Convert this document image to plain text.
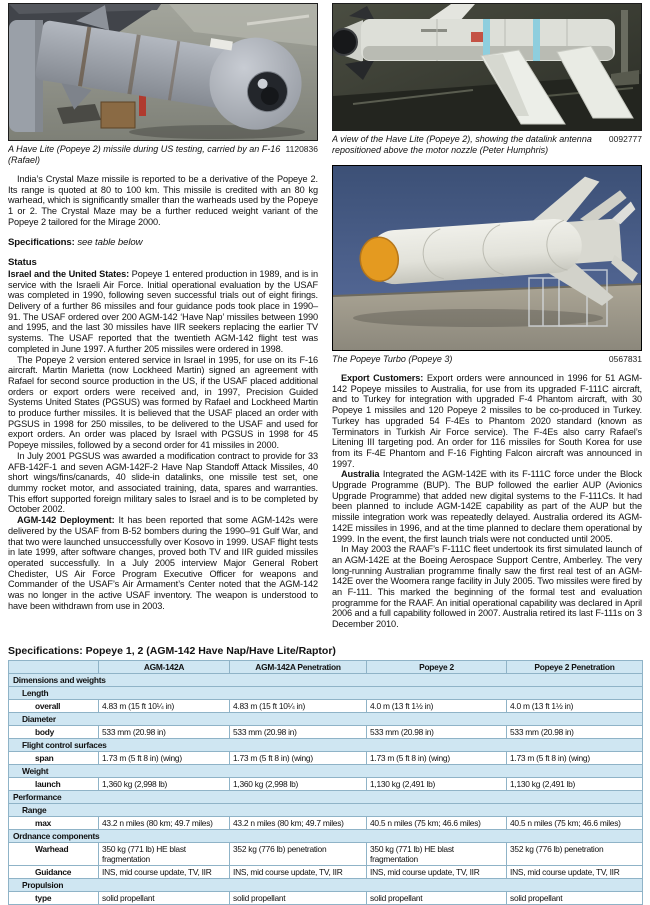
1120836
A Have Lite (Popeye 2) missile during US testing, carried by an F-16 (Rafael)

India’s Crystal Maze missile is reported to be a derivative of the Popeye 2. Its range is quoted at 80 to 100 km. This missile is credited with an 80 kg warhead, which is significantly smaller than the warheads used by the Popeye 1 or 2. The Crystal Maze may be a further reduced weight variant of the Popeye 2 tailored for the Mirage 2000.

Specifications: see table below

Status

Israel and the United States: Popeye 1 entered production in 1989, and is in service with the Israeli Air Force. Initial operational evaluation by the USAF was completed in 1990, following seven successful trials out of eight firings. Delivery of a further 86 missiles and four guidance pods took place in 1990–91. The USAF ordered over 200 AGM-142 ‘Have Nap’ missiles between 1990 and 1995, and the last 30 missiles have IIR seekers replacing the earlier TV systems. The USAF reported that the twentieth AGM-142 flight test was completed in June 1997. A further 205 missiles were ordered in 1998.

The Popeye 2 version entered service in Israel in 1995, for use on its F-16 aircraft. Martin Marietta (now Lockheed Martin) signed an agreement with Rafael for second source production in the US, if the USAF placed additional orders or export orders were received and, in 1997, Precision Guided Systems United States (PGSUS) was formed by Rafael and Lockheed Martin to produce further missiles. It is believed that the USAF placed an order with PGSUS in 1998 for 250 missiles, to be delivered to the USAF and used for export orders. An order was placed by Israel with PGSUS in 1998 for 45 Popeye missiles, followed by a second order for 41 missiles in 2000.

In July 2001 PGSUS was awarded a modification contract to provide for 33 AFB-142F-1 and seven AGM-142F-2 Have Nap Standoff Attack Missiles, 40 short wings/fins/canards, 40 slide-in datalinks, one missile test set, one dummy rocket motor, and associated training, data, spares and warranties. This effort supported foreign military sales to Israel and is to be completed by October 2002.

AGM-142 Deployment: It has been reported that some AGM-142s were delivered by the USAF from B-52 bombers during the 1990–91 Gulf War, and that two were launched unsuccessfully over Kosovo in 1999. USAF flight tests in late 1999, after software changes, proved both TV and IIR guided missiles operated successfully. In a July 2005 interview Major General Robert Chedister, US Air Force Program Executive Officer for weapons and Commander of the USAF’s Air Armament’s Center noted that the AGM-142 was no longer in the active USAF inventory. The weapon is understood to have been withdrawn from use in 2003.

0092777
A view of the Have Lite (Popeye 2), showing the datalink antenna repositioned above the motor nozzle (Peter Humphris)
The Popeye Turbo (Popeye 3)	0567831

Export Customers: Export orders were announced in 1996 for 51 AGM-142 Popeye missiles to Australia, for use from its upgraded F-111C aircraft, and to Turkey for integration with upgraded F-4 Phantom aircraft, with 30 Popeye 1 missiles and 120 Popeye 2 missiles to be co-produced in Turkey. Turkey has upgraded 54 F-4Es to Phantom 2020 standard (known as Terminators in Turkish Air Force service). The F-4Es also carry Rafael’s Litening III targeting pod. An order for 116 missiles for South Korea for use from its F-4E Phantom and F-16 Fighting Falcon aircraft was announced in 1997.

Australia Integrated the AGM-142E with its F-111C force under the Block Upgrade Programme (BUP). The BUP followed the earlier AUP (Avionics Upgrade Programme) that added new digital systems to the F-111Cs. It had been planned to include AGM-142E capability as part of the AUP but the missile integration work was repeatedly delayed. Australia ordered its AGM-142E missiles in 1996, and at the time planned to declare them operational by 1999. In the event, the first launch trials were not conducted until 2005.

In May 2003 the RAAF’s F-111C fleet undertook its first simulated launch of an AGM-142E at the Boeing Aerospace Support Centre, Amberley. The very long-running Australian programme finally saw the first real test of an AGM-142E over the Woomera range facility in July 2005. Two missiles were fired by an F-111. This marked the beginning of the formal test and evaluation programme for the RAAF. An initial operational capability was declared in April 2006 and a full capability followed in 2007. Australia retired its last F-111s on 3 December 2010.

Specifications: Popeye 1, 2 (AGM-142 Have Nap/Have Lite/Raptor)
	AGM-142A	AGM-142A Penetration	Popeye 2	Popeye 2 Penetration
Dimensions and weights				
Length				
overall	4.83 m (15 ft 10¼ in)	4.83 m (15 ft 10¼ in)	4.0 m (13 ft 1½ in)	4.0 m (13 ft 1½ in)
Diameter				
body	533 mm (20.98 in)	533 mm (20.98 in)	533 mm (20.98 in)	533 mm (20.98 in)
Flight control surfaces				
span	1.73 m (5 ft 8 in) (wing)	1.73 m (5 ft 8 in) (wing)	1.73 m (5 ft 8 in) (wing)	1.73 m (5 ft 8 in) (wing)
Weight				
launch	1,360 kg (2,998 lb)	1,360 kg (2,998 lb)	1,130 kg (2,491 lb)	1,130 kg (2,491 lb)
Performance				
Range				
max	43.2 n miles (80 km; 49.7 miles)	43.2 n miles (80 km; 49.7 miles)	40.5 n miles (75 km; 46.6 miles)	40.5 n miles (75 km; 46.6 miles)
Ordnance components				
Warhead	350 kg (771 lb) HE blast fragmentation	352 kg (776 lb) penetration	350 kg (771 lb) HE blast fragmentation	352 kg (776 lb) penetration
Guidance	INS, mid course update, TV, IIR	INS, mid course update, TV, IIR	INS, mid course update, TV, IIR	INS, mid course update, TV, IIR
Propulsion				
type	solid propellant	solid propellant	solid propellant	solid propellant
